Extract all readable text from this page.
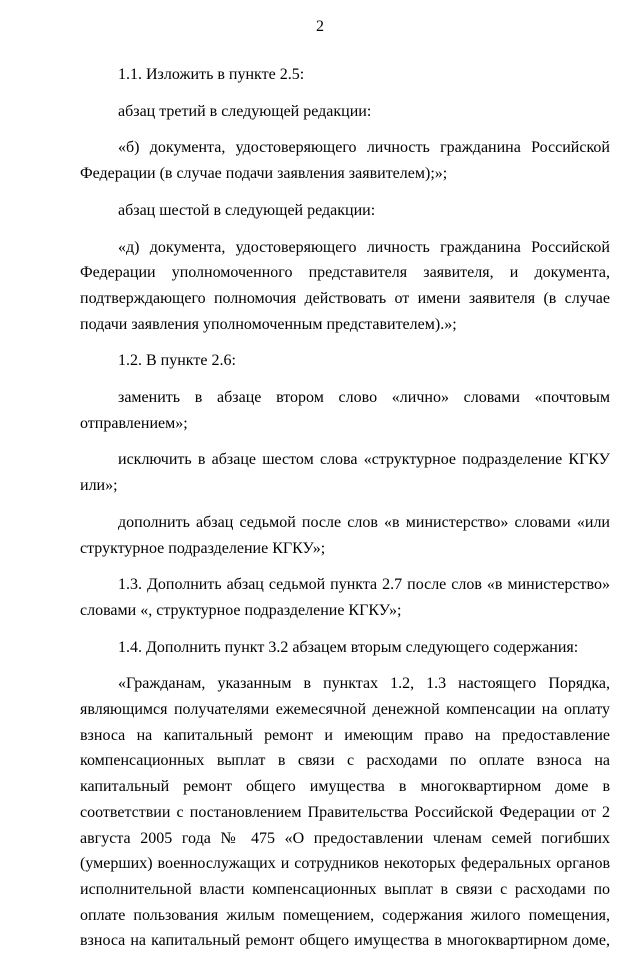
2

1.1. Изложить в пункте 2.5:

абзац третий в следующей редакции:

«б) документа, удостоверяющего личность гражданина Российской Федерации (в случае подачи заявления заявителем);»;

абзац шестой в следующей редакции:

«д) документа, удостоверяющего личность гражданина Российской Федерации уполномоченного представителя заявителя, и документа, подтверждающего полномочия действовать от имени заявителя (в случае подачи заявления уполномоченным представителем).»;

1.2. В пункте 2.6:

заменить в абзаце втором слово «лично» словами «почтовым отправлением»;

исключить в абзаце шестом слова «структурное подразделение КГКУ или»;

дополнить абзац седьмой после слов «в министерство» словами «или структурное подразделение КГКУ»;

1.3. Дополнить абзац седьмой пункта 2.7 после слов «в министерство» словами «, структурное подразделение КГКУ»;

1.4. Дополнить пункт 3.2 абзацем вторым следующего содержания:

«Гражданам, указанным в пунктах 1.2, 1.3 настоящего Порядка, являющимся получателями ежемесячной денежной компенсации на оплату взноса на капитальный ремонт и имеющим право на предоставление компенсационных выплат в связи с расходами по оплате взноса на капитальный ремонт общего имущества в многоквартирном доме в соответствии с постановлением Правительства Российской Федерации от 2 августа 2005 года № 475 «О предоставлении членам семей погибших (умерших) военнослужащих и сотрудников некоторых федеральных органов исполнительной власти компенсационных выплат в связи с расходами по оплате пользования жилым помещением, содержания жилого помещения, взноса на капитальный ремонт общего имущества в многоквартирном доме,
